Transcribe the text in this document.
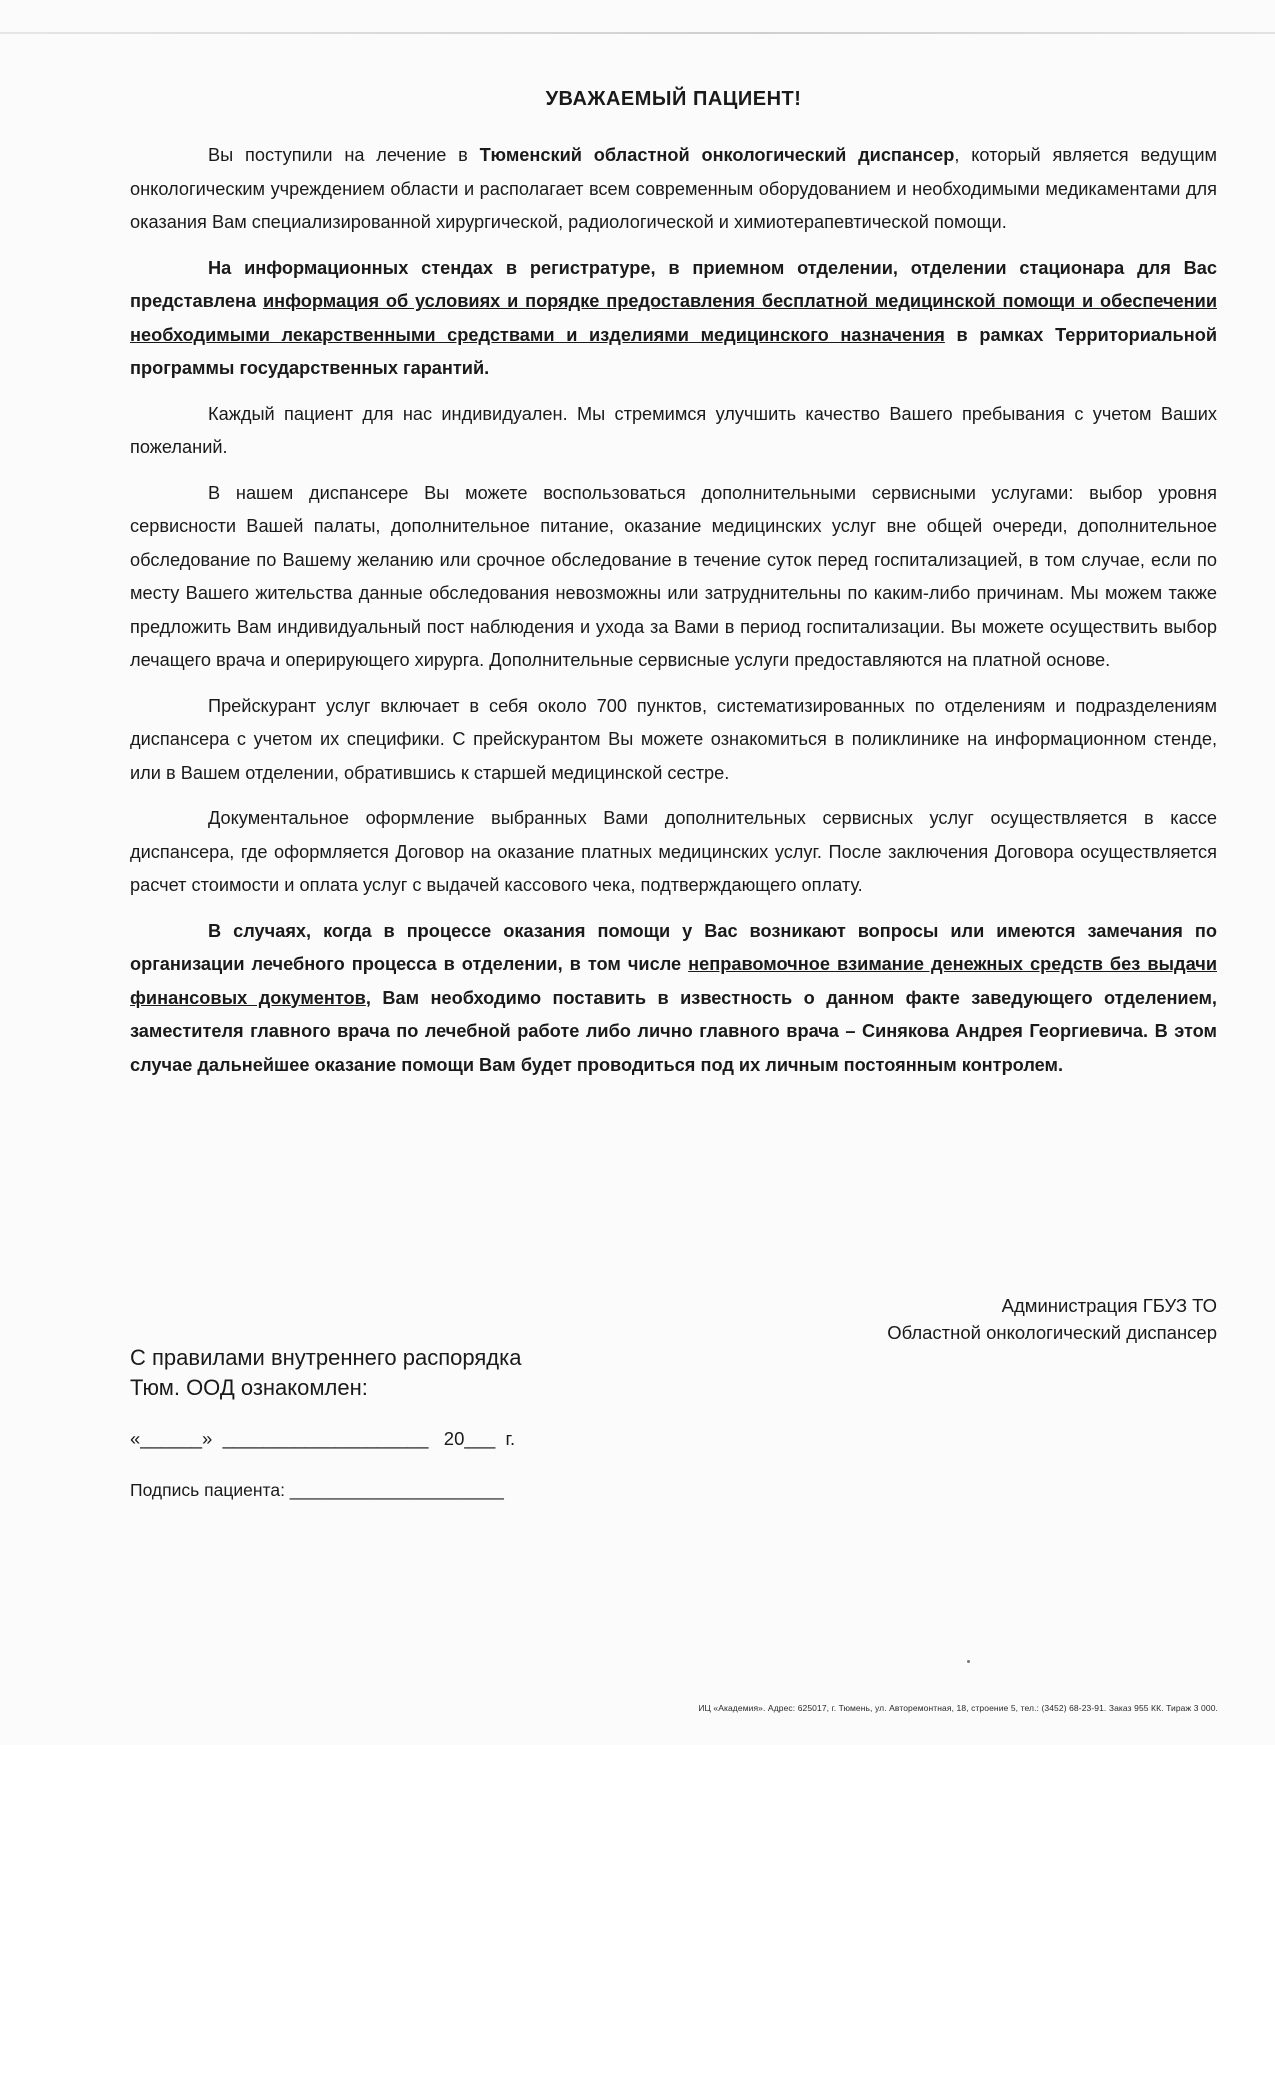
УВАЖАЕМЫЙ ПАЦИЕНТ!

Вы поступили на лечение в Тюменский областной онкологический диспансер, который является ведущим онкологическим учреждением области и располагает всем современным оборудованием и необходимыми медикаментами для оказания Вам специализированной хирургической, радиологической и химиотерапевтической помощи.

На информационных стендах в регистратуре, в приемном отделении, отделении стационара для Вас представлена информация об условиях и порядке предоставления бесплатной медицинской помощи и обеспечении необходимыми лекарственными средствами и изделиями медицинского назначения в рамках Территориальной программы государственных гарантий.

Каждый пациент для нас индивидуален. Мы стремимся улучшить качество Вашего пребывания с учетом Ваших пожеланий.

В нашем диспансере Вы можете воспользоваться дополнительными сервисными услугами: выбор уровня сервисности Вашей палаты, дополнительное питание, оказание медицинских услуг вне общей очереди, дополнительное обследование по Вашему желанию или срочное обследование в течение суток перед госпитализацией, в том случае, если по месту Вашего жительства данные обследования невозможны или затруднительны по каким-либо причинам. Мы можем также предложить Вам индивидуальный пост наблюдения и ухода за Вами в период госпитализации. Вы можете осуществить выбор лечащего врача и оперирующего хирурга. Дополнительные сервисные услуги предоставляются на платной основе.

Прейскурант услуг включает в себя около 700 пунктов, систематизированных по отделениям и подразделениям диспансера с учетом их специфики. С прейскурантом Вы можете ознакомиться в поликлинике на информационном стенде, или в Вашем отделении, обратившись к старшей медицинской сестре.

Документальное оформление выбранных Вами дополнительных сервисных услуг осуществляется в кассе диспансера, где оформляется Договор на оказание платных медицинских услуг. После заключения Договора осуществляется расчет стоимости и оплата услуг с выдачей кассового чека, подтверждающего оплату.

В случаях, когда в процессе оказания помощи у Вас возникают вопросы или имеются замечания по организации лечебного процесса в отделении, в том числе неправомочное взимание денежных средств без выдачи финансовых документов, Вам необходимо поставить в известность о данном факте заведующего отделением, заместителя главного врача по лечебной работе либо лично главного врача – Синякова Андрея Георгиевича. В этом случае дальнейшее оказание помощи Вам будет проводиться под их личным постоянным контролем.

Администрация ГБУЗ ТО
Областной онкологический диспансер
С правилами внутреннего распорядка
Тюм. ООД ознакомлен:
«______»  ____________________   20___  г.
Подпись пациента: ______________________
ИЦ «Академия». Адрес: 625017, г. Тюмень, ул. Авторемонтная, 18, строение 5, тел.: (3452) 68-23-91. Заказ 955 КК. Тираж 3 000.
